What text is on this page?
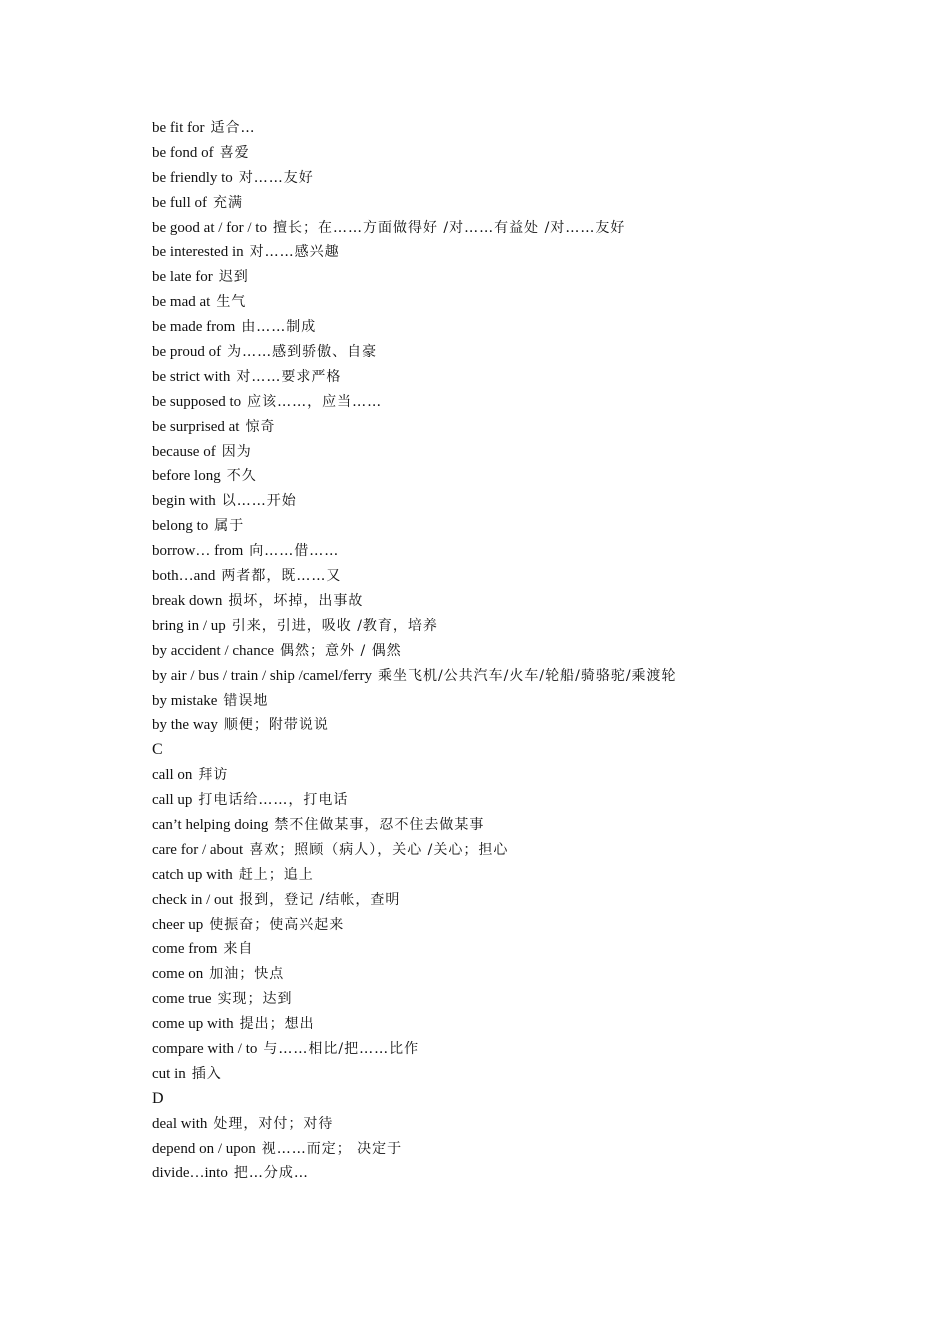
be fit for 适合…
be fond of 喜爱
be friendly to 对……友好
be full of 充满
be good at / for / to 擅长；在……方面做得好 /对……有益处 /对……友好
be interested in 对……感兴趣
be late for 迟到
be mad at 生气
be made from 由……制成
be proud of 为……感到骄傲、自豪
be strict with 对……要求严格
be supposed to 应该……，应当……
be surprised at 惊奇
because of 因为
before long 不久
begin with 以……开始
belong to 属于
borrow… from 向……借……
both…and 两者都，既……又
break down 损坏，坏掉，出事故
bring in / up 引来，引进，吸收 /教育，培养
by accident / chance 偶然；意外 / 偶然
by air / bus / train / ship /camel/ferry 乘坐飞机/公共汽车/火车/轮船/骑骆驼/乘渡轮
by mistake 错误地
by the way 顺便；附带说说
C
call on 拜访
call up 打电话给……，打电话
can’t helping doing 禁不住做某事，忍不住去做某事
care for / about 喜欢；照顾（病人），关心 /关心；担心
catch up with 赶上；追上
check in / out 报到，登记 /结帐，查明
cheer up 使振奋；使高兴起来
come from 来自
come on 加油；快点
come true 实现；达到
come up with 提出；想出
compare with / to 与……相比/把……比作
cut in 插入
D
deal with 处理，对付；对待
depend on / upon 视……而定； 决定于
divide…into 把…分成…
